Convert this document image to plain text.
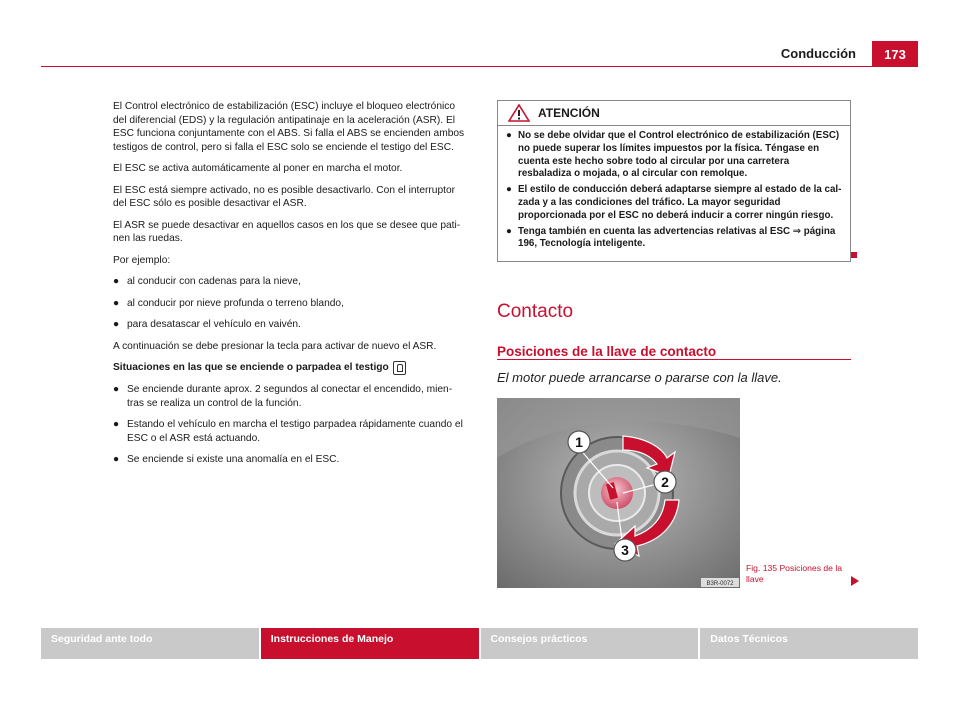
Conducción	173

El Control electrónico de estabilización (ESC) incluye el bloqueo electrónico del diferencial (EDS) y la regulación antipatinaje en la aceleración (ASR). El ESC funciona conjuntamente con el ABS. Si falla el ABS se encienden ambos testigos de control, pero si falla el ESC solo se enciende el testigo del ESC.

El ESC se activa automáticamente al poner en marcha el motor.

El ESC está siempre activado, no es posible desactivarlo. Con el interruptor del ESC sólo es posible desactivar el ASR.

El ASR se puede desactivar en aquellos casos en los que se desee que patinen las ruedas.

Por ejemplo:

● al conducir con cadenas para la nieve,
● al conducir por nieve profunda o terreno blando,
● para desatascar el vehículo en vaivén.

A continuación se debe presionar la tecla para activar de nuevo el ASR.

Situaciones en las que se enciende o parpadea el testigo
● Se enciende durante aprox. 2 segundos al conectar el encendido, mientras se realiza un control de la función.
● Estando el vehículo en marcha el testigo parpadea rápidamente cuando el ESC o el ASR está actuando.
● Se enciende si existe una anomalía en el ESC.
ATENCIÓN
● No se debe olvidar que el Control electrónico de estabilización (ESC) no puede superar los límites impuestos por la física. Téngase en cuenta este hecho sobre todo al circular por una carretera resbaladiza o mojada, o al circular con remolque.
● El estilo de conducción deberá adaptarse siempre al estado de la calzada y a las condiciones del tráfico. La mayor seguridad proporcionada por el ESC no deberá inducir a correr ningún riesgo.
● Tenga también en cuenta las advertencias relativas al ESC ⇒ página 196, Tecnología inteligente.
Contacto
Posiciones de la llave de contacto
El motor puede arrancarse o pararse con la llave.
1
2
3
B3R-0072
Fig. 135 Posiciones de la llave
Seguridad ante todo	Instrucciones de Manejo	Consejos prácticos	Datos Técnicos
